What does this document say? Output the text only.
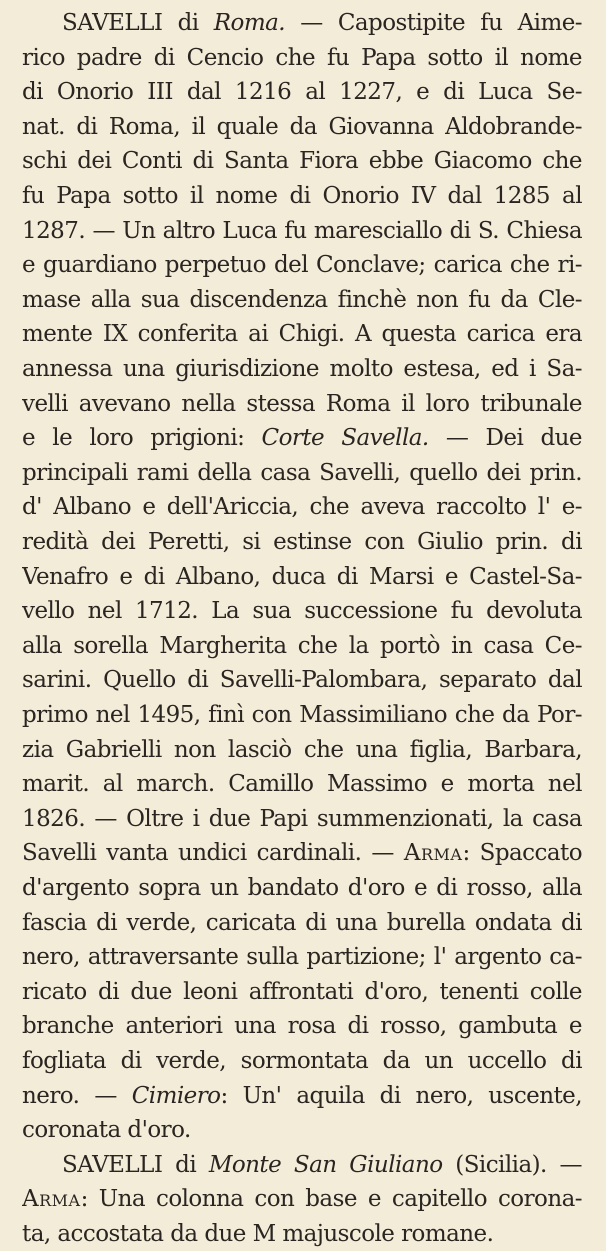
SAVELLI di Roma. — Capostipite fu Aime-
rico padre di Cencio che fu Papa sotto il nome
di Onorio III dal 1216 al 1227, e di Luca Se-
nat. di Roma, il quale da Giovanna Aldobrande-
schi dei Conti di Santa Fiora ebbe Giacomo che
fu Papa sotto il nome di Onorio IV dal 1285 al
1287. — Un altro Luca fu maresciallo di S. Chiesa
e guardiano perpetuo del Conclave; carica che ri-
mase alla sua discendenza finchè non fu da Cle-
mente IX conferita ai Chigi. A questa carica era
annessa una giurisdizione molto estesa, ed i Sa-
velli avevano nella stessa Roma il loro tribunale
e le loro prigioni: Corte Savella. — Dei due
principali rami della casa Savelli, quello dei prin.
d' Albano e dell'Ariccia, che aveva raccolto l' e-
redità dei Peretti, si estinse con Giulio prin. di
Venafro e di Albano, duca di Marsi e Castel-Sa-
vello nel 1712. La sua successione fu devoluta
alla sorella Margherita che la portò in casa Ce-
sarini. Quello di Savelli-Palombara, separato dal
primo nel 1495, finì con Massimiliano che da Por-
zia Gabrielli non lasciò che una figlia, Barbara,
marit. al march. Camillo Massimo e morta nel
1826. — Oltre i due Papi summenzionati, la casa
Savelli vanta undici cardinali. — Arma: Spaccato
d'argento sopra un bandato d'oro e di rosso, alla
fascia di verde, caricata di una burella ondata di
nero, attraversante sulla partizione; l' argento ca-
ricato di due leoni affrontati d'oro, tenenti colle
branche anteriori una rosa di rosso, gambuta e
fogliata di verde, sormontata da un uccello di
nero. — Cimiero: Un' aquila di nero, uscente,
coronata d'oro.
SAVELLI di Monte San Giuliano (Sicilia). —
Arma: Una colonna con base e capitello corona-
ta, accostata da due M majuscole romane.
